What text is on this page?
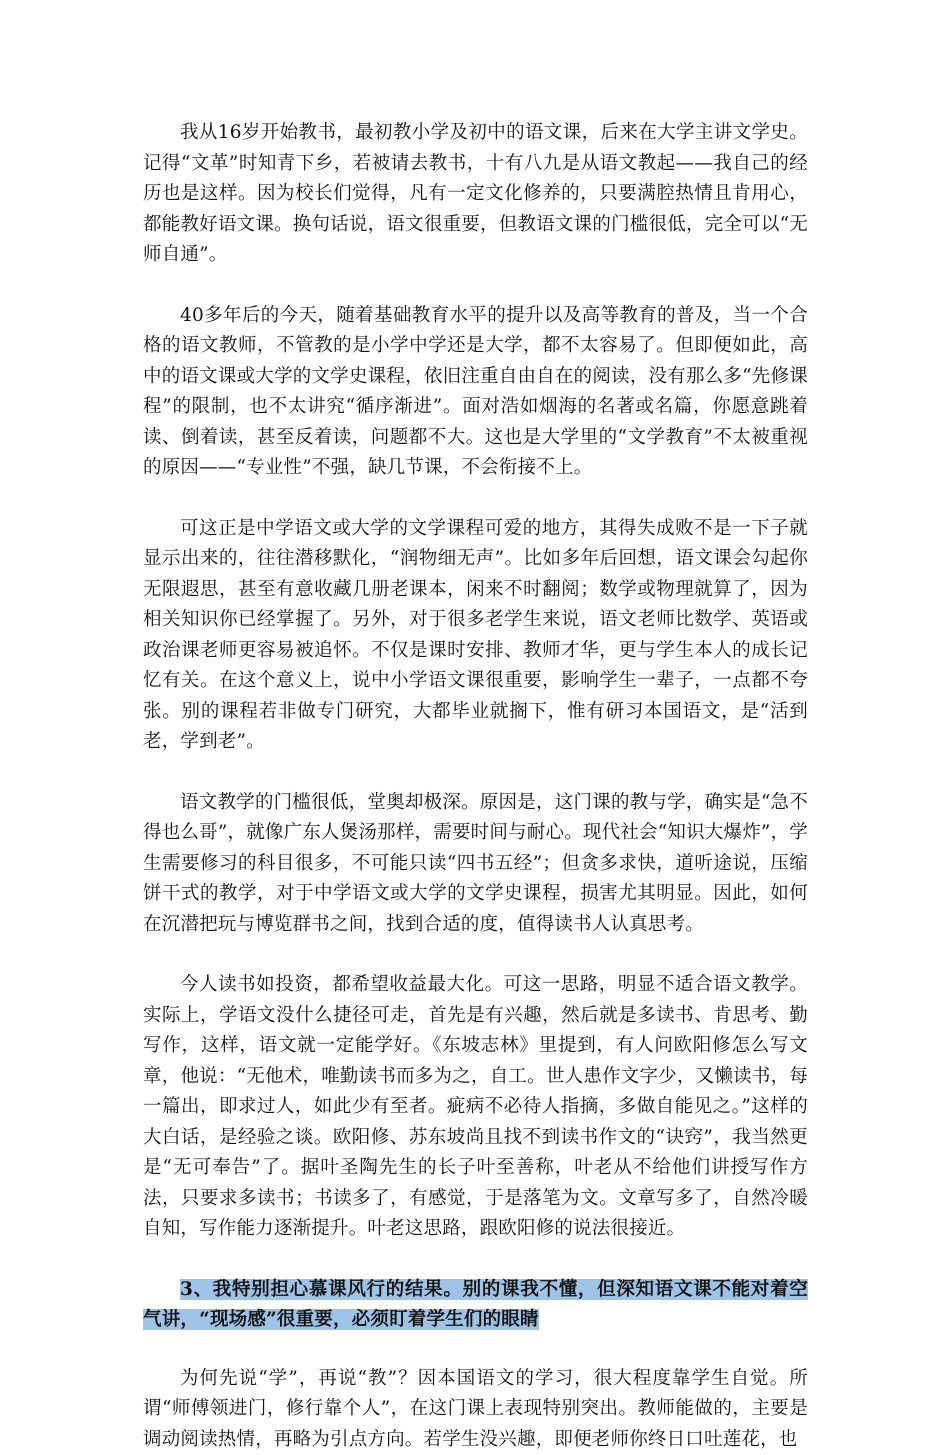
我从16岁开始教书，最初教小学及初中的语文课，后来在大学主讲文学史。记得“文革”时知青下乡，若被请去教书，十有八九是从语文教起——我自己的经历也是这样。因为校长们觉得，凡有一定文化修养的，只要满腔热情且肯用心，都能教好语文课。换句话说，语文很重要，但教语文课的门槛很低，完全可以“无师自通”。

40多年后的今天，随着基础教育水平的提升以及高等教育的普及，当一个合格的语文教师，不管教的是小学中学还是大学，都不太容易了。但即便如此，高中的语文课或大学的文学史课程，依旧注重自由自在的阅读，没有那么多“先修课程”的限制，也不太讲究“循序渐进”。面对浩如烟海的名著或名篇，你愿意跳着读、倒着读，甚至反着读，问题都不大。这也是大学里的“文学教育”不太被重视的原因——“专业性”不强，缺几节课，不会衔接不上。

可这正是中学语文或大学的文学课程可爱的地方，其得失成败不是一下子就显示出来的，往往潜移默化，“润物细无声”。比如多年后回想，语文课会勾起你无限遐思，甚至有意收藏几册老课本，闲来不时翻阅；数学或物理就算了，因为相关知识你已经掌握了。另外，对于很多老学生来说，语文老师比数学、英语或政治课老师更容易被追怀。不仅是课时安排、教师才华，更与学生本人的成长记忆有关。在这个意义上，说中小学语文课很重要，影响学生一辈子，一点都不夸张。别的课程若非做专门研究，大都毕业就搁下，惟有研习本国语文，是“活到老，学到老”。

语文教学的门槛很低，堂奥却极深。原因是，这门课的教与学，确实是“急不得也么哥”，就像广东人煲汤那样，需要时间与耐心。现代社会“知识大爆炸”，学生需要修习的科目很多，不可能只读“四书五经”；但贪多求快，道听途说，压缩饼干式的教学，对于中学语文或大学的文学史课程，损害尤其明显。因此，如何在沉潜把玩与博览群书之间，找到合适的度，值得读书人认真思考。

今人读书如投资，都希望收益最大化。可这一思路，明显不适合语文教学。实际上，学语文没什么捷径可走，首先是有兴趣，然后就是多读书、肯思考、勤写作，这样，语文就一定能学好。《东坡志林》里提到，有人问欧阳修怎么写文章，他说：“无他术，唯勤读书而多为之，自工。世人患作文字少，又懒读书，每一篇出，即求过人，如此少有至者。疵病不必待人指摘，多做自能见之。”这样的大白话，是经验之谈。欧阳修、苏东坡尚且找不到读书作文的“诀窍”，我当然更是“无可奉告”了。据叶圣陶先生的长子叶至善称，叶老从不给他们讲授写作方法，只要求多读书；书读多了，有感觉，于是落笔为文。文章写多了，自然冷暖自知，写作能力逐渐提升。叶老这思路，跟欧阳修的说法很接近。

3、我特别担心慕课风行的结果。别的课我不懂，但深知语文课不能对着空气讲，“现场感”很重要，必须盯着学生们的眼睛

为何先说“学”，再说“教”？因本国语文的学习，很大程度靠学生自觉。所谓“师傅领进门，修行靠个人”，在这门课上表现特别突出。教师能做的，主要是调动阅读热情，再略为引点方向。若学生没兴趣，即便老师你终日口吐莲花，也
